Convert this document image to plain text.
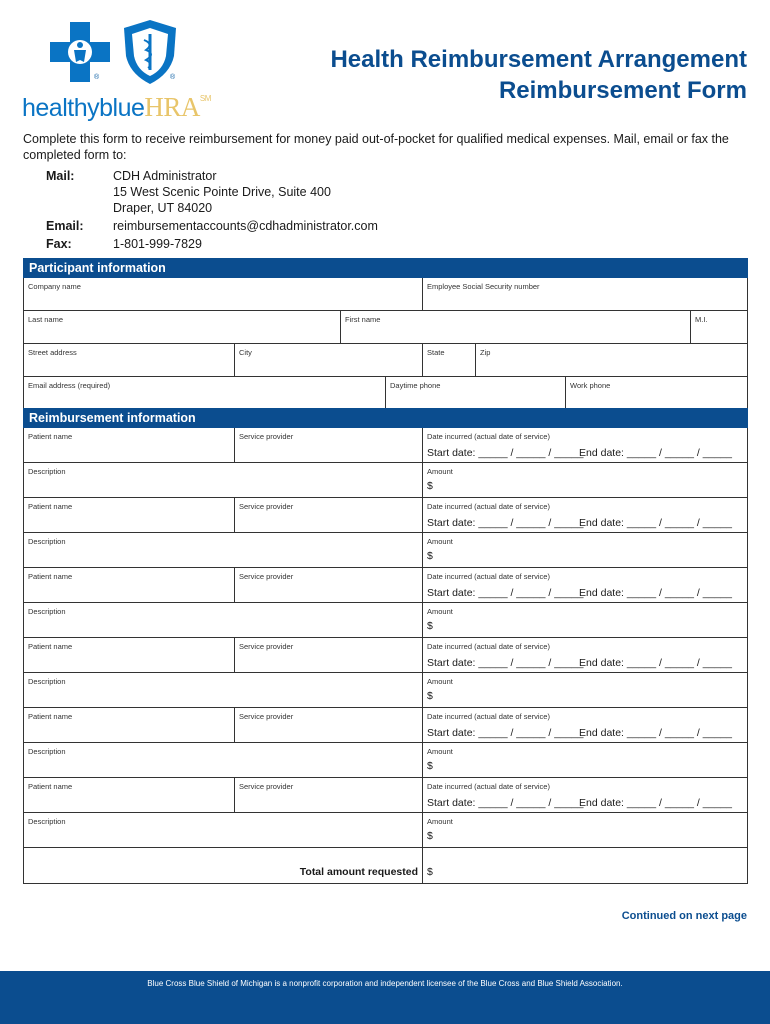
®	®
healthyblueHRA℠
Health Reimbursement Arrangement
Reimbursement Form
Complete this form to receive reimbursement for money paid out-of-pocket for qualified medical expenses. Mail, email or fax the completed form to:
Mail:	CDH Administrator
15 West Scenic Pointe Drive, Suite 400
Draper, UT 84020
Email:	reimbursementaccounts@cdhadministrator.com
Fax:	1-801-999-7829
Participant information
Company name	Employee Social Security number
Last name	First name	M.I.
Street address	City	State	Zip
Email address (required)	Daytime phone	Work phone
Reimbursement information
Patient name	Service provider	Date incurred (actual date of service)
Start date: _____ / _____ / _____
End date: _____ / _____ / _____
Description	Amount
$
Patient name	Service provider	Date incurred (actual date of service)
Start date: _____ / _____ / _____
End date: _____ / _____ / _____
Description	Amount
$
Patient name	Service provider	Date incurred (actual date of service)
Start date: _____ / _____ / _____
End date: _____ / _____ / _____
Description	Amount
$
Patient name	Service provider	Date incurred (actual date of service)
Start date: _____ / _____ / _____
End date: _____ / _____ / _____
Description	Amount
$
Patient name	Service provider	Date incurred (actual date of service)
Start date: _____ / _____ / _____
End date: _____ / _____ / _____
Description	Amount
$
Patient name	Service provider	Date incurred (actual date of service)
Start date: _____ / _____ / _____
End date: _____ / _____ / _____
Description	Amount
$
Total amount requested $
Continued on next page
Blue Cross Blue Shield of Michigan is a nonprofit corporation and independent licensee of the Blue Cross and Blue Shield Association.
